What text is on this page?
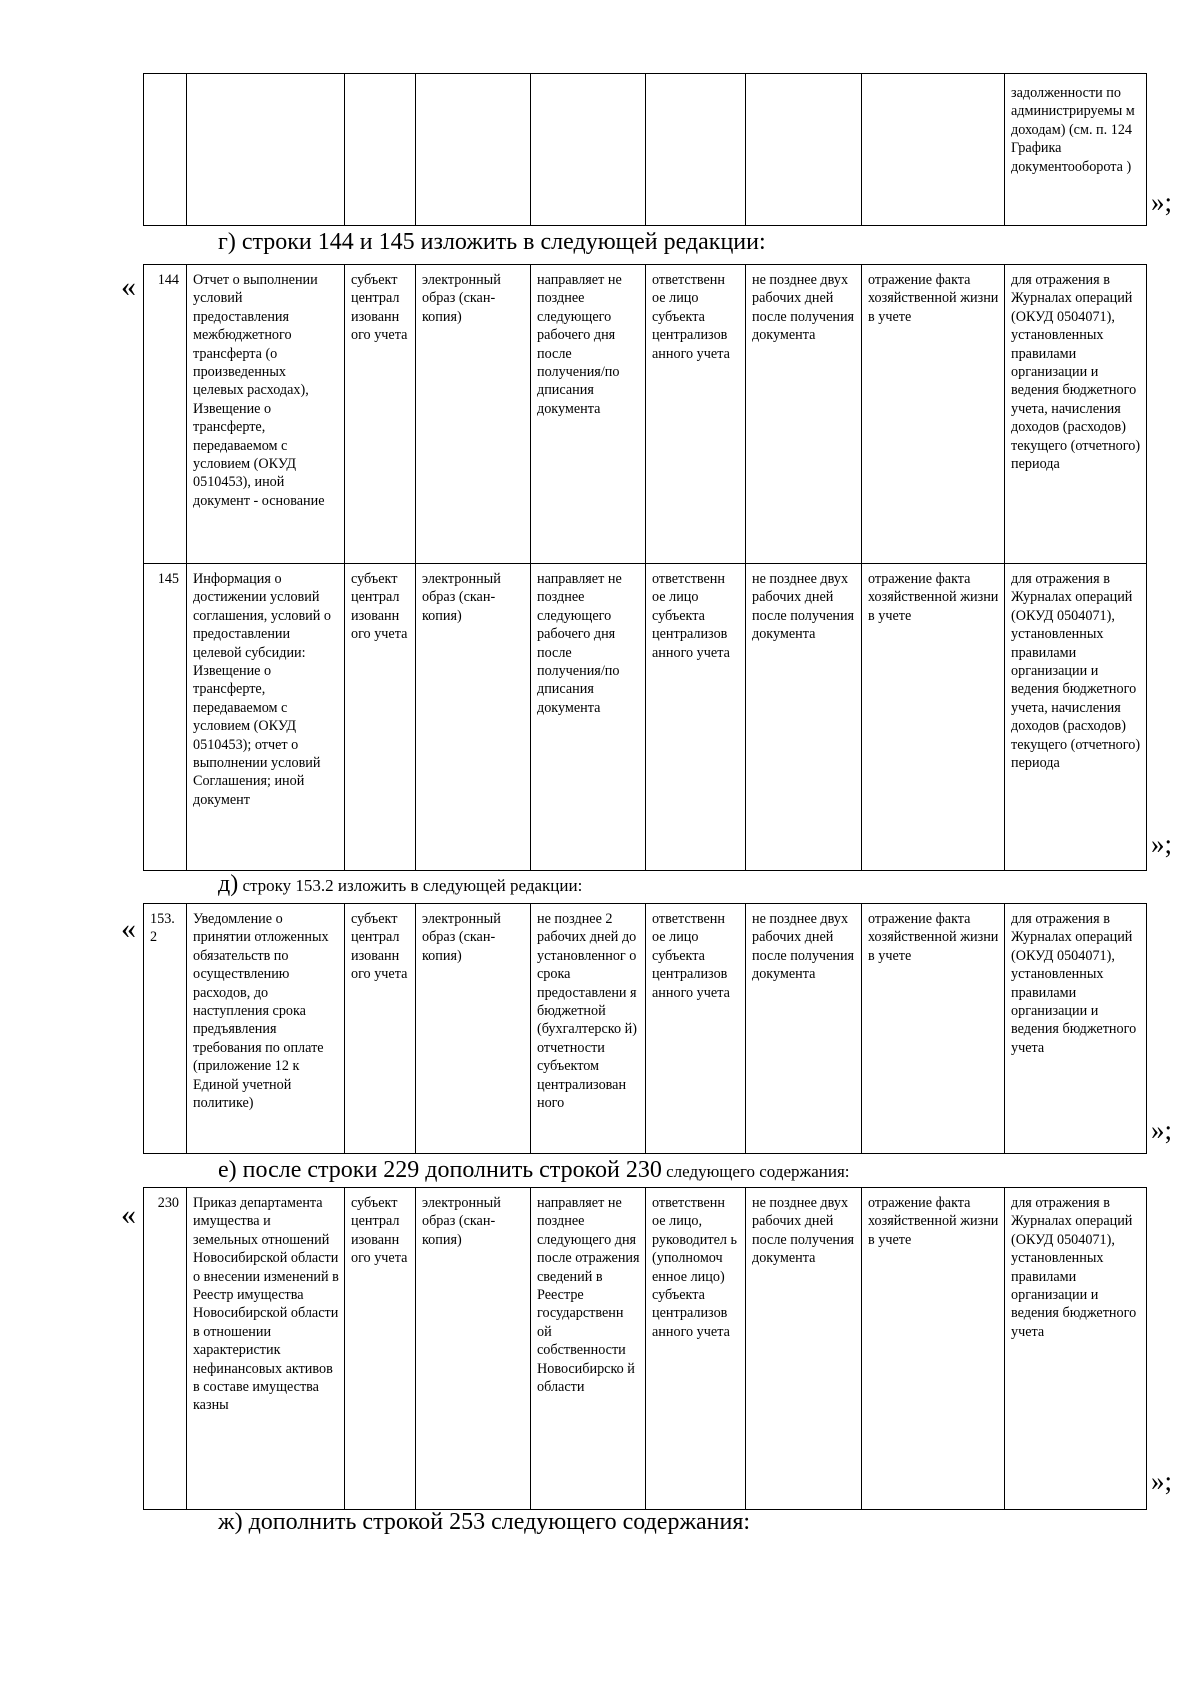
								задолженности по администрируемы м доходам) (см. п. 124 Графика документооборота )
»;
г) строки 144 и 145 изложить в следующей редакции:
« 144	Отчет о выполнении условий предоставления межбюджетного трансферта (о произведенных целевых расходах), Извещение о трансферте, передаваемом с условием (ОКУД 0510453), иной документ - основание	субъект централ изованн ого учета	электронный образ (скан-копия)	направляет не позднее следующего рабочего дня после получения/по дписания документа	ответственн ое лицо субъекта централизов анного учета	не позднее двух рабочих дней после получения документа	отражение факта хозяйственной жизни в учете	для отражения в Журналах операций (ОКУД 0504071), установленных правилами организации и ведения бюджетного учета, начисления доходов (расходов) текущего (отчетного) периода
145	Информация о достижении условий соглашения, условий о предоставлении целевой субсидии: Извещение о трансферте, передаваемом с условием (ОКУД 0510453); отчет о выполнении условий Соглашения; иной документ	субъект централ изованн ого учета	электронный образ (скан-копия)	направляет не позднее следующего рабочего дня после получения/по дписания документа	ответственн ое лицо субъекта централизов анного учета	не позднее двух рабочих дней после получения документа	отражение факта хозяйственной жизни в учете	для отражения в Журналах операций (ОКУД 0504071), установленных правилами организации и ведения бюджетного учета, начисления доходов (расходов) текущего (отчетного) периода
»;
д) строку 153.2 изложить в следующей редакции:
« 153. 2	Уведомление о принятии отложенных обязательств по осуществлению расходов, до наступления срока предъявления требования по оплате (приложение 12 к Единой учетной политике)	субъект централ изованн ого учета	электронный образ (скан-копия)	не позднее 2 рабочих дней до установленног о срока предоставлени я бюджетной (бухгалтерско й) отчетности субъектом централизован ного	ответственн ое лицо субъекта централизов анного учета	не позднее двух рабочих дней после получения документа	отражение факта хозяйственной жизни в учете	для отражения в Журналах операций (ОКУД 0504071), установленных правилами организации и ведения бюджетного учета
»;
е) после строки 229 дополнить строкой 230 следующего содержания:
« 230	Приказ департамента имущества и земельных отношений Новосибирской области о внесении изменений в Реестр имущества Новосибирской области в отношении характеристик нефинансовых активов в составе имущества казны	субъект централ изованн ого учета	электронный образ (скан-копия)	направляет не позднее следующего дня после отражения сведений в Реестре государственн ой собственности Новосибирско й области	ответственн ое лицо, руководител ь (уполномоч енное лицо) субъекта централизов анного учета	не позднее двух рабочих дней после получения документа	отражение факта хозяйственной жизни в учете	для отражения в Журналах операций (ОКУД 0504071), установленных правилами организации и ведения бюджетного учета
»;
ж) дополнить строкой 253 следующего содержания:
